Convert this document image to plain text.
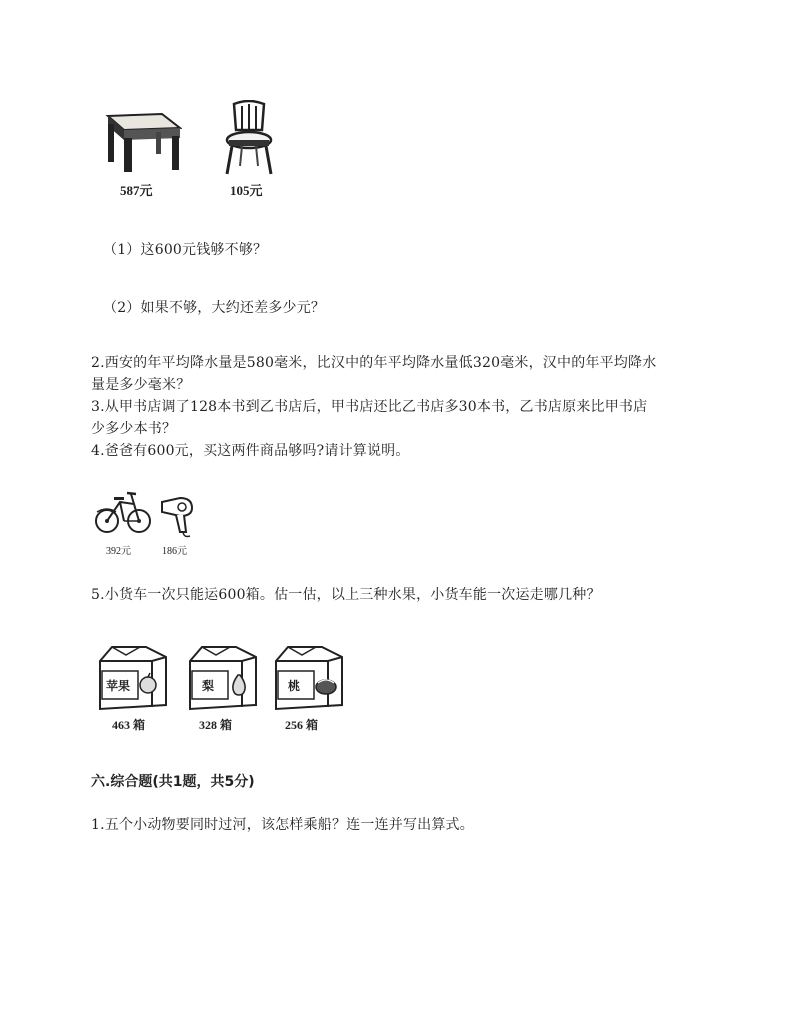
587元	105元
（1）这600元钱够不够？
（2）如果不够，大约还差多少元？
2.西安的年平均降水量是580毫米，比汉中的年平均降水量低320毫米，汉中的年平均降水
量是多少毫米？
3.从甲书店调了128本书到乙书店后，甲书店还比乙书店多30本书，乙书店原来比甲书店
少多少本书？
4.爸爸有600元，买这两件商品够吗?请计算说明。
392元	186元
5.小货车一次只能运600箱。估一估，以上三种水果，小货车能一次运走哪几种？
苹果
463 箱
梨
328 箱
桃
256 箱
六.综合题(共1题，共5分)
1.五个小动物要同时过河，该怎样乘船？连一连并写出算式。
